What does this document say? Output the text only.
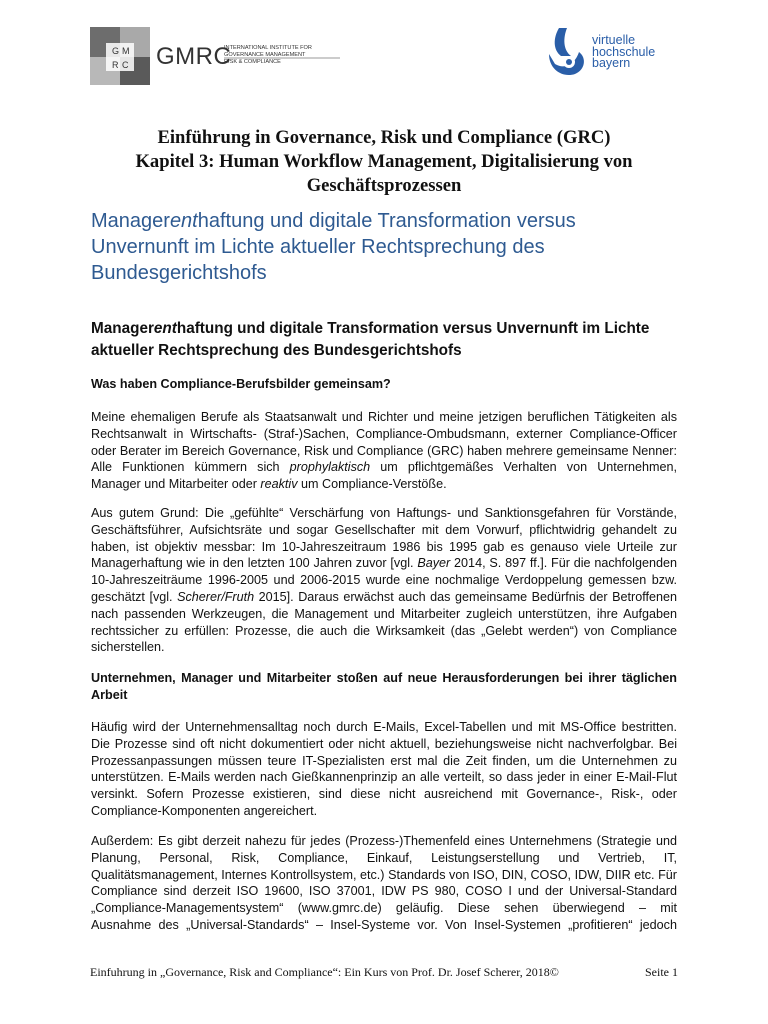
G M
R C GMRC
INTERNATIONAL INSTITUTE FOR
GOVERNANCE MANAGEMENT
RISK & COMPLIANCE
virtuelle
hochschule
bayern
Einführung in Governance, Risk und Compliance (GRC)
Kapitel 3: Human Workflow Management, Digitalisierung von
Geschäftsprozessen
Managerenthaftung und digitale Transformation versus
Unvernunft im Lichte aktueller Rechtsprechung des
Bundesgerichtshofs
Managerenthaftung und digitale Transformation versus Unvernunft im Lichte
aktueller Rechtsprechung des Bundesgerichtshofs
Was haben Compliance-Berufsbilder gemeinsam?
Meine ehemaligen Berufe als Staatsanwalt und Richter und meine jetzigen beruflichen Tätigkeiten als
Rechtsanwalt in Wirtschafts- (Straf-)Sachen, Compliance-Ombudsmann, externer Compliance-Officer
oder Berater im Bereich Governance, Risk und Compliance (GRC) haben mehrere gemeinsame Nenner:
Alle Funktionen kümmern sich prophylaktisch um pflichtgemäßes Verhalten von Unternehmen,
Manager und Mitarbeiter oder reaktiv um Compliance-Verstöße.
Aus gutem Grund: Die „gefühlte“ Verschärfung von Haftungs- und Sanktionsgefahren für Vorstände,
Geschäftsführer, Aufsichtsräte und sogar Gesellschafter mit dem Vorwurf, pflichtwidrig gehandelt zu
haben, ist objektiv messbar: Im 10-Jahreszeitraum 1986 bis 1995 gab es genauso viele Urteile zur
Managerhaftung wie in den letzten 100 Jahren zuvor [vgl. Bayer 2014, S. 897 ff.]. Für die nachfolgenden
10-Jahreszeiträume 1996-2005 und 2006-2015 wurde eine nochmalige Verdoppelung gemessen bzw.
geschätzt [vgl. Scherer/Fruth 2015]. Daraus erwächst auch das gemeinsame Bedürfnis der Betroffenen
nach passenden Werkzeugen, die Management und Mitarbeiter zugleich unterstützen, ihre Aufgaben
rechtssicher zu erfüllen: Prozesse, die auch die Wirksamkeit (das „Gelebt werden“) von Compliance
sicherstellen.
Unternehmen, Manager und Mitarbeiter stoßen auf neue Herausforderungen bei ihrer täglichen
Arbeit
Häufig wird der Unternehmensalltag noch durch E-Mails, Excel-Tabellen und mit MS-Office bestritten.
Die Prozesse sind oft nicht dokumentiert oder nicht aktuell, beziehungsweise nicht nachverfolgbar. Bei
Prozessanpassungen müssen teure IT-Spezialisten erst mal die Zeit finden, um die Unternehmen zu
unterstützen. E-Mails werden nach Gießkannenprinzip an alle verteilt, so dass jeder in einer E-Mail-Flut
versinkt. Sofern Prozesse existieren, sind diese nicht ausreichend mit Governance-, Risk-, oder
Compliance-Komponenten angereichert.
Außerdem: Es gibt derzeit nahezu für jedes (Prozess-)Themenfeld eines Unternehmens (Strategie und
Planung, Personal, Risk, Compliance, Einkauf, Leistungserstellung und Vertrieb, IT,
Qualitätsmanagement, Internes Kontrollsystem, etc.) Standards von ISO, DIN, COSO, IDW, DIIR etc. Für
Compliance sind derzeit ISO 19600, ISO 37001, IDW PS 980, COSO I und der Universal-Standard
„Compliance-Managementsystem“ (www.gmrc.de) geläufig. Diese sehen überwiegend – mit
Ausnahme des „Universal-Standards“ – Insel-Systeme vor. Von Insel-Systemen „profitieren“ jedoch
Einfuhrung in „Governance, Risk and Compliance“: Ein Kurs von Prof. Dr. Josef Scherer, 2018©	Seite 1
